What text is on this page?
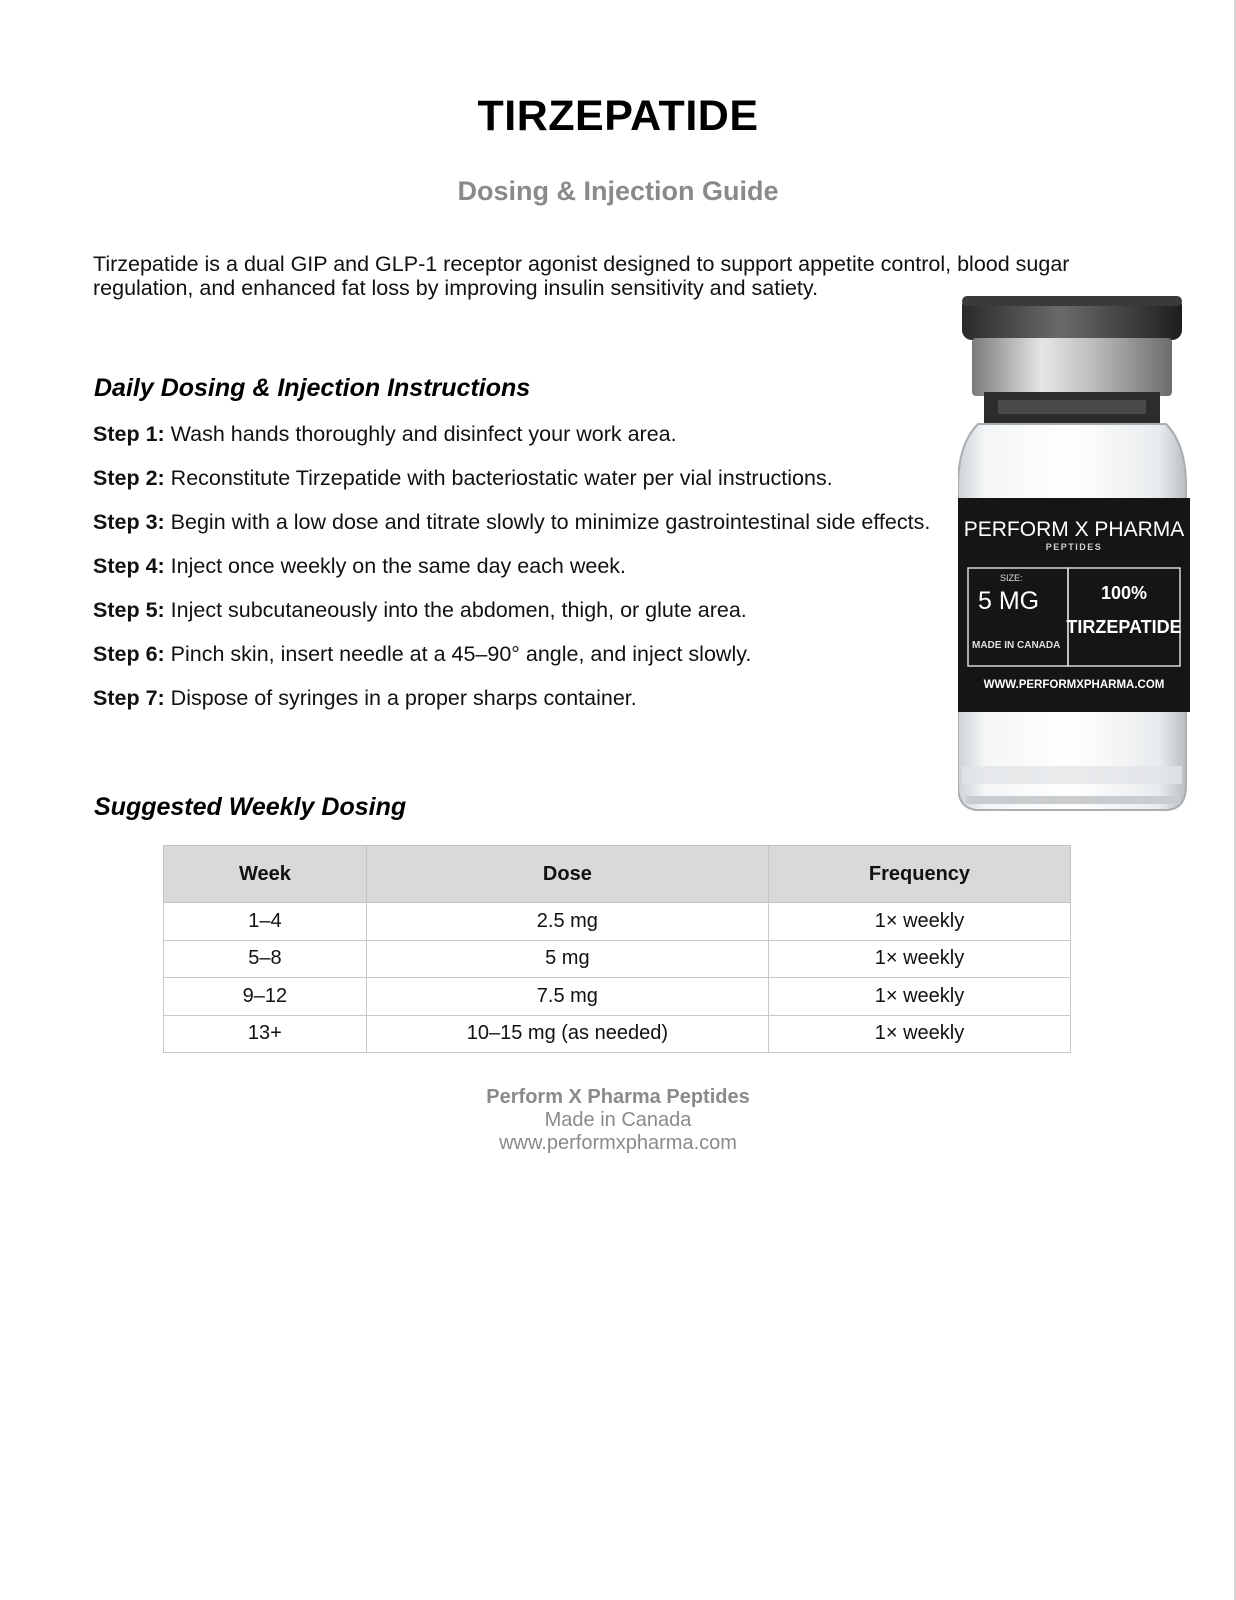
TIRZEPATIDE
Dosing & Injection Guide
Tirzepatide is a dual GIP and GLP-1 receptor agonist designed to support appetite control, blood sugar regulation, and enhanced fat loss by improving insulin sensitivity and satiety.
Daily Dosing & Injection Instructions
Step 1: Wash hands thoroughly and disinfect your work area.
Step 2: Reconstitute Tirzepatide with bacteriostatic water per vial instructions.
Step 3: Begin with a low dose and titrate slowly to minimize gastrointestinal side effects.
Step 4: Inject once weekly on the same day each week.
Step 5: Inject subcutaneously into the abdomen, thigh, or glute area.
Step 6: Pinch skin, insert needle at a 45–90° angle, and inject slowly.
Step 7: Dispose of syringes in a proper sharps container.
PERFORM X PHARMA
PEPTIDES
SIZE:
5 MG
MADE IN CANADA
100%
TIRZEPATIDE
WWW.PERFORMXPHARMA.COM
Suggested Weekly Dosing
Week	Dose	Frequency
1–4	2.5 mg	1× weekly
5–8	5 mg	1× weekly
9–12	7.5 mg	1× weekly
13+	10–15 mg (as needed)	1× weekly
Perform X Pharma Peptides
Made in Canada
www.performxpharma.com
